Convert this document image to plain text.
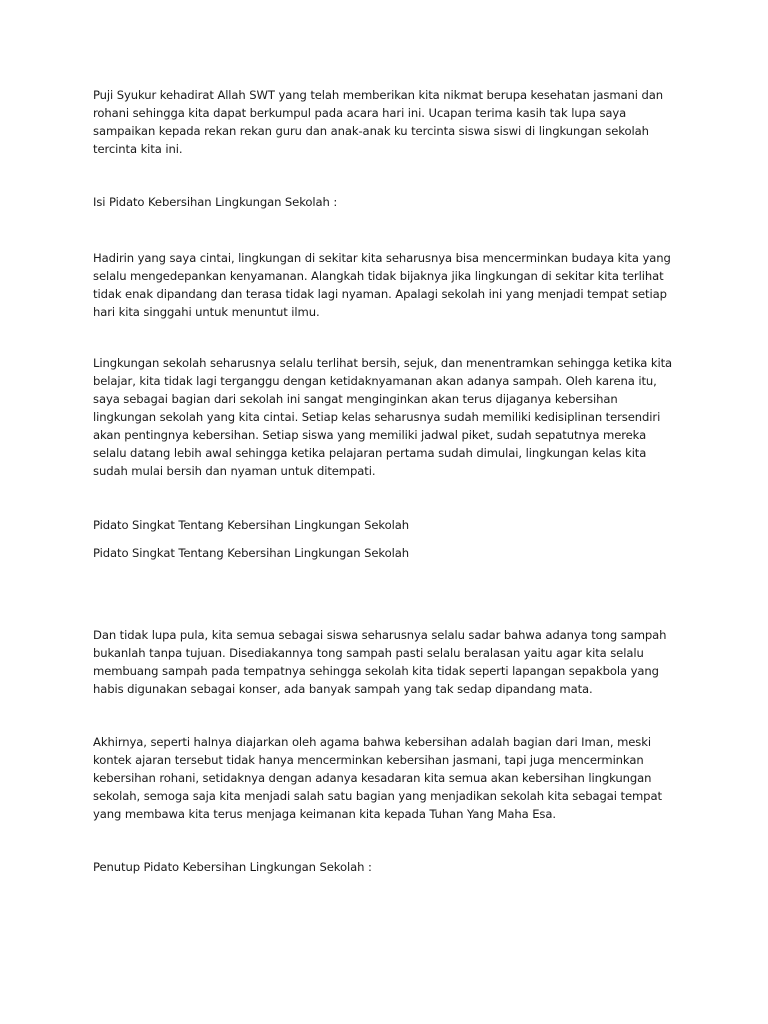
Puji Syukur kehadirat Allah SWT yang telah memberikan kita nikmat berupa kesehatan jasmani dan
rohani sehingga kita dapat berkumpul pada acara hari ini. Ucapan terima kasih tak lupa saya
sampaikan kepada rekan rekan guru dan anak-anak ku tercinta siswa siswi di lingkungan sekolah
tercinta kita ini.

Isi Pidato Kebersihan Lingkungan Sekolah :

Hadirin yang saya cintai, lingkungan di sekitar kita seharusnya bisa mencerminkan budaya kita yang
selalu mengedepankan kenyamanan. Alangkah tidak bijaknya jika lingkungan di sekitar kita terlihat
tidak enak dipandang dan terasa tidak lagi nyaman. Apalagi sekolah ini yang menjadi tempat setiap
hari kita singgahi untuk menuntut ilmu.

Lingkungan sekolah seharusnya selalu terlihat bersih, sejuk, dan menentramkan sehingga ketika kita
belajar, kita tidak lagi terganggu dengan ketidaknyamanan akan adanya sampah. Oleh karena itu,
saya sebagai bagian dari sekolah ini sangat menginginkan akan terus dijaganya kebersihan
lingkungan sekolah yang kita cintai. Setiap kelas seharusnya sudah memiliki kedisiplinan tersendiri
akan pentingnya kebersihan. Setiap siswa yang memiliki jadwal piket, sudah sepatutnya mereka
selalu datang lebih awal sehingga ketika pelajaran pertama sudah dimulai, lingkungan kelas kita
sudah mulai bersih dan nyaman untuk ditempati.

Pidato Singkat Tentang Kebersihan Lingkungan Sekolah

Pidato Singkat Tentang Kebersihan Lingkungan Sekolah

Dan tidak lupa pula, kita semua sebagai siswa seharusnya selalu sadar bahwa adanya tong sampah
bukanlah tanpa tujuan. Disediakannya tong sampah pasti selalu beralasan yaitu agar kita selalu
membuang sampah pada tempatnya sehingga sekolah kita tidak seperti lapangan sepakbola yang
habis digunakan sebagai konser, ada banyak sampah yang tak sedap dipandang mata.

Akhirnya, seperti halnya diajarkan oleh agama bahwa kebersihan adalah bagian dari Iman, meski
kontek ajaran tersebut tidak hanya mencerminkan kebersihan jasmani, tapi juga mencerminkan
kebersihan rohani, setidaknya dengan adanya kesadaran kita semua akan kebersihan lingkungan
sekolah, semoga saja kita menjadi salah satu bagian yang menjadikan sekolah kita sebagai tempat
yang membawa kita terus menjaga keimanan kita kepada Tuhan Yang Maha Esa.

Penutup Pidato Kebersihan Lingkungan Sekolah :
